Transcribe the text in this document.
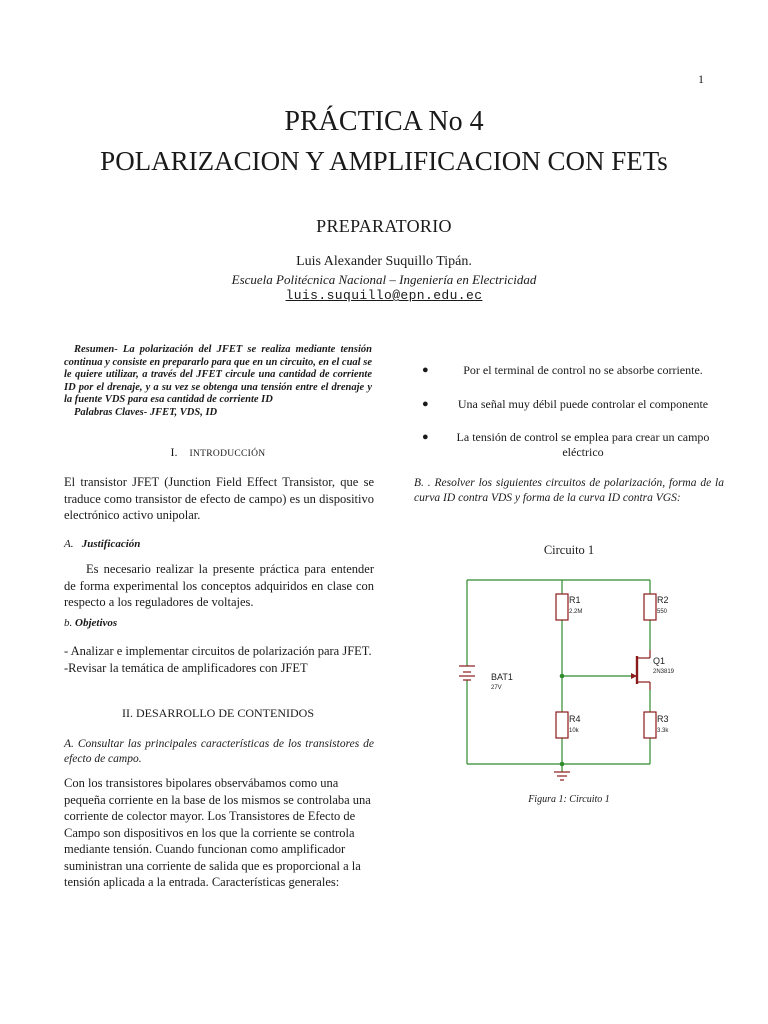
1
PRÁCTICA No 4
POLARIZACION Y AMPLIFICACION CON FETs
PREPARATORIO
Luis Alexander Suquillo Tipán.
Escuela Politécnica Nacional – Ingeniería en Electricidad
luis.suquillo@epn.edu.ec

Resumen- La polarización del JFET se realiza mediante tensión continua y consiste en prepararlo para que en un circuito, en el cual se le quiere utilizar, a través del JFET circule una cantidad de corriente ID por el drenaje, y a su vez se obtenga una tensión entre el drenaje y la fuente VDS para esa cantidad de corriente ID

Palabras Claves- JFET, VDS, ID

I. INTRODUCCIÓN
El transistor JFET (Junction Field Effect Transistor, que se traduce como transistor de efecto de campo) es un dispositivo electrónico activo unipolar.
A. Justificación
Es necesario realizar la presente práctica para entender de forma experimental los conceptos adquiridos en clase con respecto a los reguladores de voltajes.
b. Objetivos

- Analizar e implementar circuitos de polarización para JFET.

-Revisar la temática de amplificadores con JFET

II. DESARROLLO DE CONTENIDOS
A. Consultar las principales características de los transistores de efecto de campo.
Con los transistores bipolares observábamos como una pequeña corriente en la base de los mismos se controlaba una corriente de colector mayor. Los Transistores de Efecto de Campo son dispositivos en los que la corriente se controla mediante tensión. Cuando funcionan como amplificador suministran una corriente de salida que es proporcional a la tensión aplicada a la entrada. Características generales:
●	Por el terminal de control no se absorbe corriente.
●	Una señal muy débil puede controlar el componente
●	La tensión de control se emplea para crear un campo eléctrico
B. . Resolver los siguientes circuitos de polarización, forma de la curva ID contra VDS y forma de la curva ID contra VGS:
Circuito 1
R1
2.2M
R2
550
Q1
2N3819
BAT1
27V
R4
10k
R3
3.3k
Figura 1: Circuito 1
